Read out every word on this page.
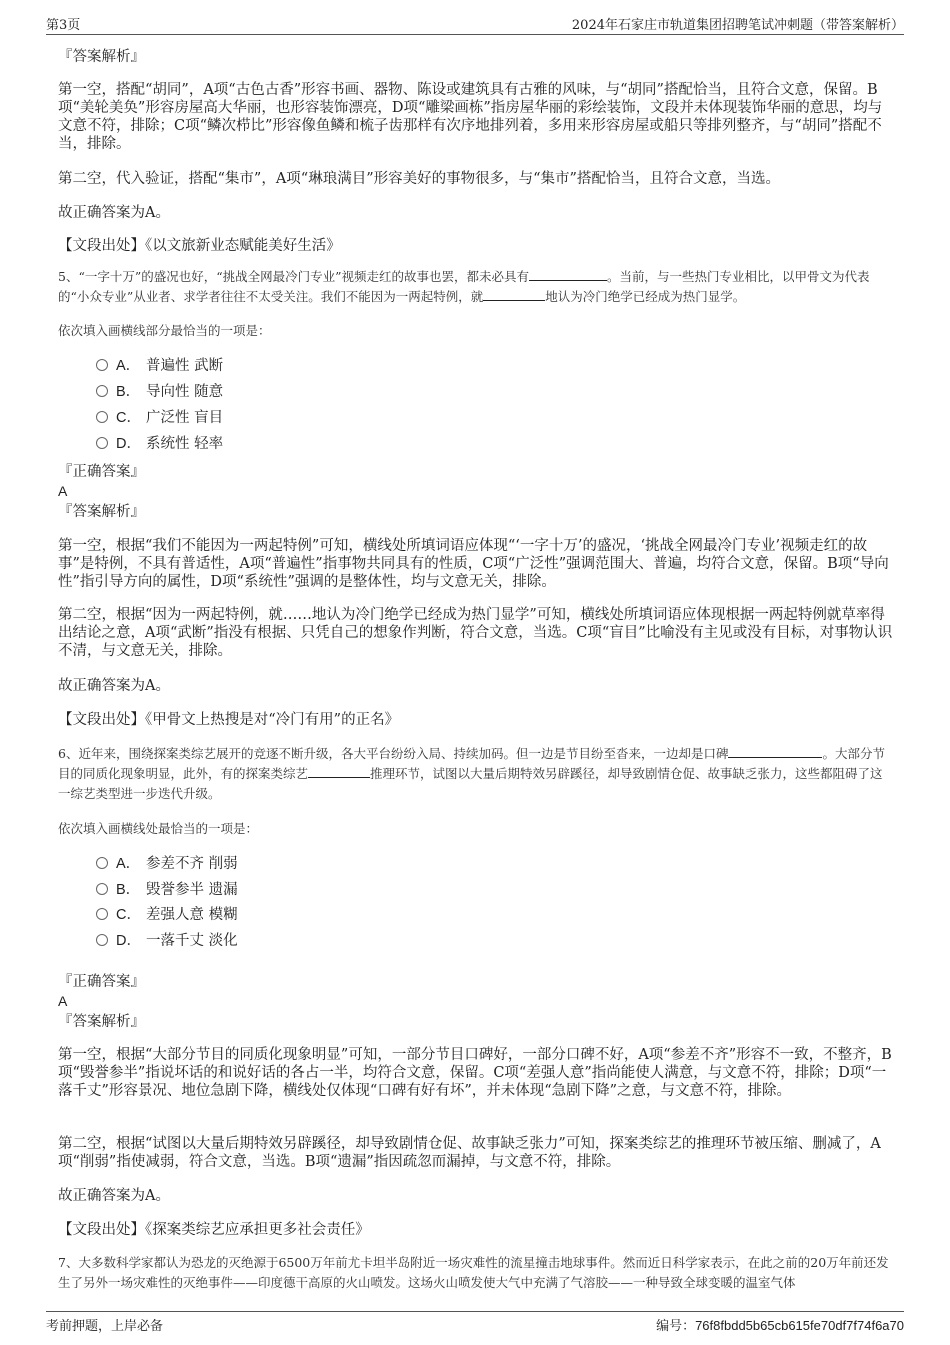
第3页	2024年石家庄市轨道集团招聘笔试冲刺题（带答案解析）
『答案解析』
第一空，搭配“胡同”，A项“古色古香”形容书画、器物、陈设或建筑具有古雅的风味，与“胡同”搭配恰当，且符合文意，保留。B项“美轮美奂”形容房屋高大华丽，也形容装饰漂亮，D项“雕梁画栋”指房屋华丽的彩绘装饰，文段并未体现装饰华丽的意思，均与文意不符，排除；C项“鳞次栉比”形容像鱼鳞和梳子齿那样有次序地排列着，多用来形容房屋或船只等排列整齐，与“胡同”搭配不当，排除。
第二空，代入验证，搭配“集市”，A项“琳琅满目”形容美好的事物很多，与“集市”搭配恰当，且符合文意，当选。
故正确答案为A。
【文段出处】《以文旅新业态赋能美好生活》
5、“一字十万”的盛况也好，“挑战全网最冷门专业”视频走红的故事也罢，都未必具有	。当前，与一些热门专业相比，以甲骨文为代表的“小众专业”从业者、求学者往往不太受关注。我们不能因为一两起特例，就	地认为冷门绝学已经成为热门显学。
依次填入画横线部分最恰当的一项是：
A． 普遍性 武断
B． 导向性 随意
C． 广泛性 盲目
D． 系统性 轻率
『正确答案』
A
『答案解析』
第一空，根据“我们不能因为一两起特例”可知，横线处所填词语应体现“‘一字十万’的盛况，‘挑战全网最冷门专业’视频走红的故事”是特例，不具有普适性，A项“普遍性”指事物共同具有的性质，C项“广泛性”强调范围大、普遍，均符合文意，保留。B项“导向性”指引导方向的属性，D项“系统性”强调的是整体性，均与文意无关，排除。
第二空，根据“因为一两起特例，就……地认为冷门绝学已经成为热门显学”可知，横线处所填词语应体现根据一两起特例就草率得出结论之意，A项“武断”指没有根据、只凭自己的想象作判断，符合文意，当选。C项“盲目”比喻没有主见或没有目标，对事物认识不清，与文意无关，排除。
故正确答案为A。
【文段出处】《甲骨文上热搜是对“冷门有用”的正名》
6、近年来，围绕探案类综艺展开的竞逐不断升级，各大平台纷纷入局、持续加码。但一边是节目纷至沓来，一边却是口碑	。大部分节目的同质化现象明显，此外，有的探案类综艺	推理环节，试图以大量后期特效另辟蹊径，却导致剧情仓促、故事缺乏张力，这些都阻碍了这一综艺类型进一步迭代升级。
依次填入画横线处最恰当的一项是：
A． 参差不齐 削弱
B． 毁誉参半 遗漏
C． 差强人意 模糊
D． 一落千丈 淡化
『正确答案』
A
『答案解析』
第一空，根据“大部分节目的同质化现象明显”可知，一部分节目口碑好，一部分口碑不好，A项“参差不齐”形容不一致，不整齐，B项“毁誉参半”指说坏话的和说好话的各占一半，均符合文意，保留。C项“差强人意”指尚能使人满意，与文意不符，排除；D项“一落千丈”形容景况、地位急剧下降，横线处仅体现“口碑有好有坏”，并未体现“急剧下降”之意，与文意不符，排除。
第二空，根据“试图以大量后期特效另辟蹊径，却导致剧情仓促、故事缺乏张力”可知，探案类综艺的推理环节被压缩、删减了，A项“削弱”指使减弱，符合文意，当选。B项“遗漏”指因疏忽而漏掉，与文意不符，排除。
故正确答案为A。
【文段出处】《探案类综艺应承担更多社会责任》
7、大多数科学家都认为恐龙的灭绝源于6500万年前尤卡坦半岛附近一场灾难性的流星撞击地球事件。然而近日科学家表示，在此之前的20万年前还发生了另外一场灾难性的灭绝事件——印度德干高原的火山喷发。这场火山喷发使大气中充满了气溶胶——一种导致全球变暖的温室气体
考前押题，上岸必备	编号：76f8fbdd5b65cb615fe70df7f74f6a70
